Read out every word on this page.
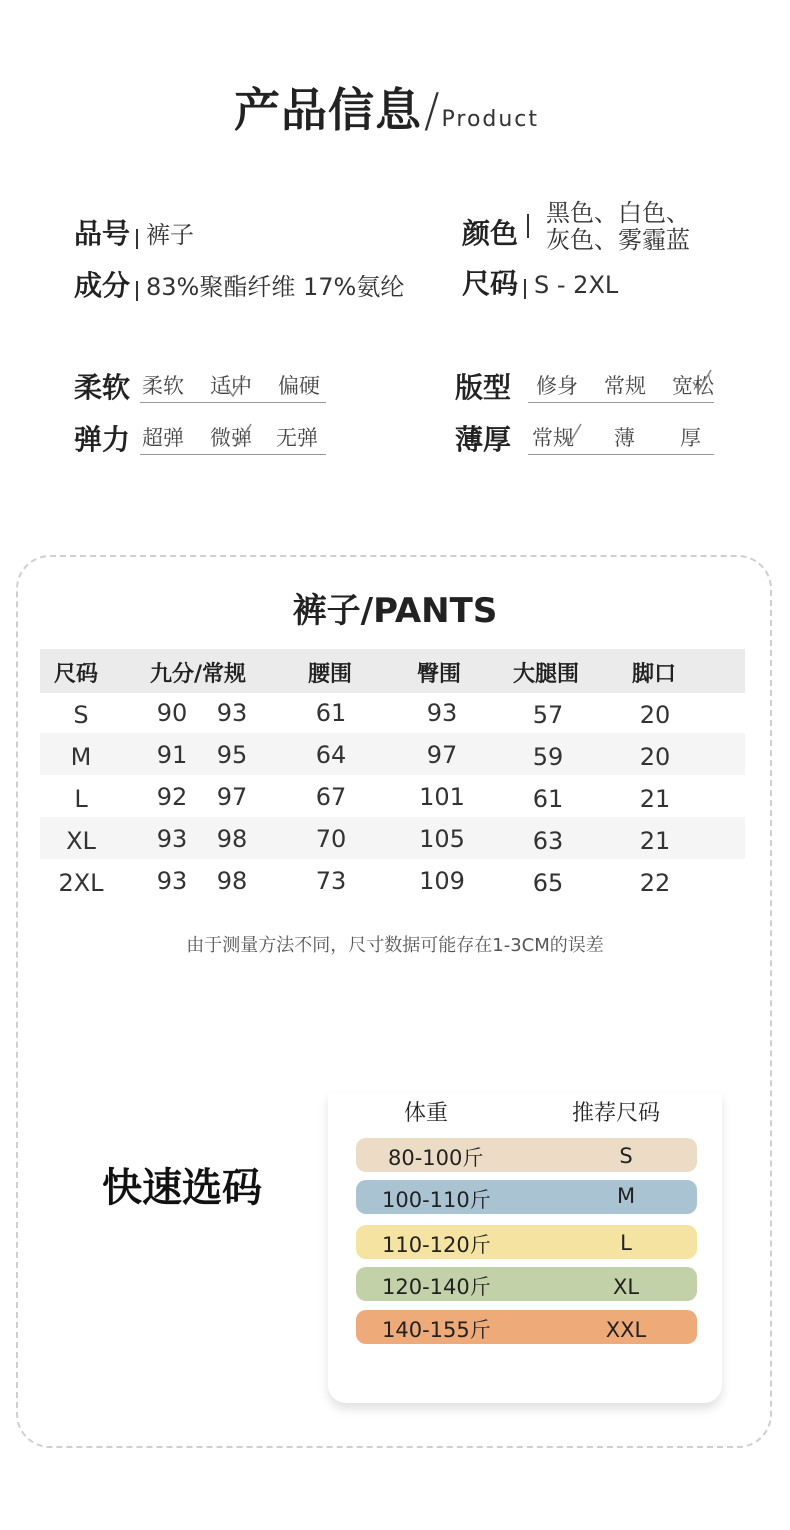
产品信息/Product
品号 裤子
成分 83%聚酯纤维 17%氨纶
颜色
黑色、白色、
灰色、雾霾蓝
尺码 S - 2XL
柔软 柔软 适中 偏硬	版型 修身 常规 宽松
弹力 超弹 微弹 无弹	薄厚 常规 薄 厚
裤子/PANTS
尺码 九分/常规	腰围	臀围 大腿围 脚口
S	90	93	61	93	57	20
M	91	95	64	97	59	20
L	92	97	67	101	61	21
XL	93	98	70	105	63	21
2XL	93	98	73	109	65	22
由于测量方法不同，尺寸数据可能存在1-3CM的误差
快速选码
体重	推荐尺码
80-100斤	S
100-110斤	M
110-120斤	L
120-140斤	XL
140-155斤	XXL
